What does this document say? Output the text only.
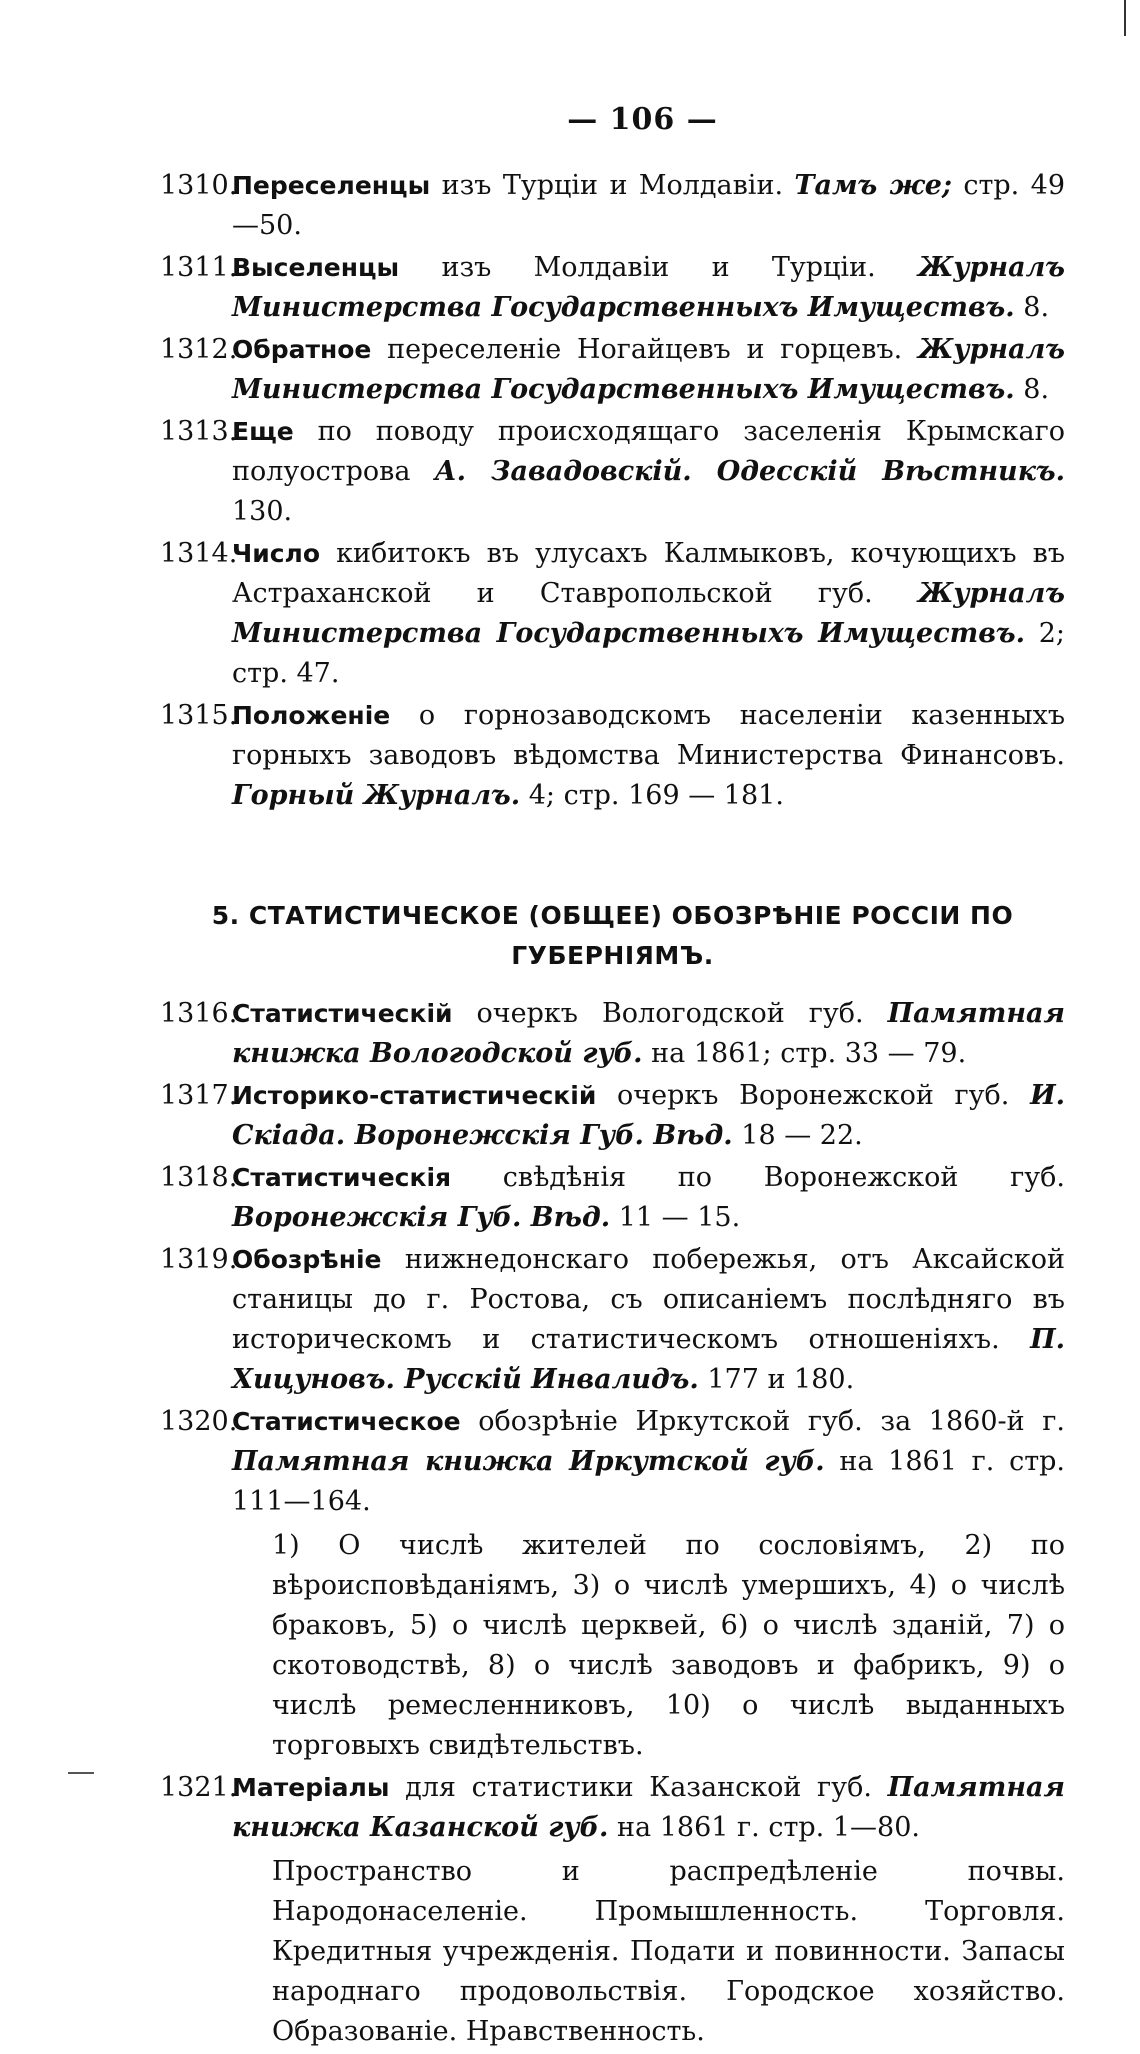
— 106 —
1310.
Переселенцы изъ Турціи и Молдавіи. Тамъ же; стр. 49—50.
1311.
Выселенцы изъ Молдавіи и Турціи. Журналъ Министерства Государственныхъ Имуществъ. 8.
1312.
Обратное переселеніе Ногайцевъ и горцевъ. Журналъ Министерства Государственныхъ Имуществъ. 8.
1313.
Еще по поводу происходящаго заселенія Крымскаго полуострова А. Завадовскій. Одесскій Вѣстникъ. 130.
1314.
Число кибитокъ въ улусахъ Калмыковъ, кочующихъ въ Астраханской и Ставропольской губ. Журналъ Министерства Государственныхъ Имуществъ. 2; стр. 47.
1315.
Положеніе о горнозаводскомъ населеніи казенныхъ горныхъ заводовъ вѣдомства Министерства Финансовъ. Горный Журналъ. 4; стр. 169 — 181.
5. СТАТИСТИЧЕСКОЕ (ОБЩЕЕ) ОБОЗРѢНІЕ РОССІИ ПО ГУБЕРНІЯМЪ.
1316.
Статистическій очеркъ Вологодской губ. Памятная книжка Вологодской губ. на 1861; стр. 33 — 79.
1317.
Историко-статистическій очеркъ Воронежской губ. И. Скіада. Воронежскія Губ. Вѣд. 18 — 22.
1318.
Статистическія свѣдѣнія по Воронежской губ. Воронежскія Губ. Вѣд. 11 — 15.
1319.
Обозрѣніе нижнедонскаго побережья, отъ Аксайской станицы до г. Ростова, съ описаніемъ послѣдняго въ историческомъ и статистическомъ отношеніяхъ. П. Хицуновъ. Русскій Инвалидъ. 177 и 180.
1320.
Статистическое обозрѣніе Иркутской губ. за 1860-й г. Памятная книжка Иркутской губ. на 1861 г. стр. 111—164.
1) О числѣ жителей по сословіямъ, 2) по вѣроисповѣданіямъ, 3) о числѣ умершихъ, 4) о числѣ браковъ, 5) о числѣ церквей, 6) о числѣ зданій, 7) о скотоводствѣ, 8) о числѣ заводовъ и фабрикъ, 9) о числѣ ремесленниковъ, 10) о числѣ выданныхъ торговыхъ свидѣтельствъ.
1321.
Матеріалы для статистики Казанской губ. Памятная книжка Казанской губ. на 1861 г. стр. 1—80.
Пространство и распредѣленіе почвы. Народонаселеніе. Промышленность. Торговля. Кредитныя учрежденія. Подати и повинности. Запасы народнаго продовольствія. Городское хозяйство. Образованіе. Нравственность.
